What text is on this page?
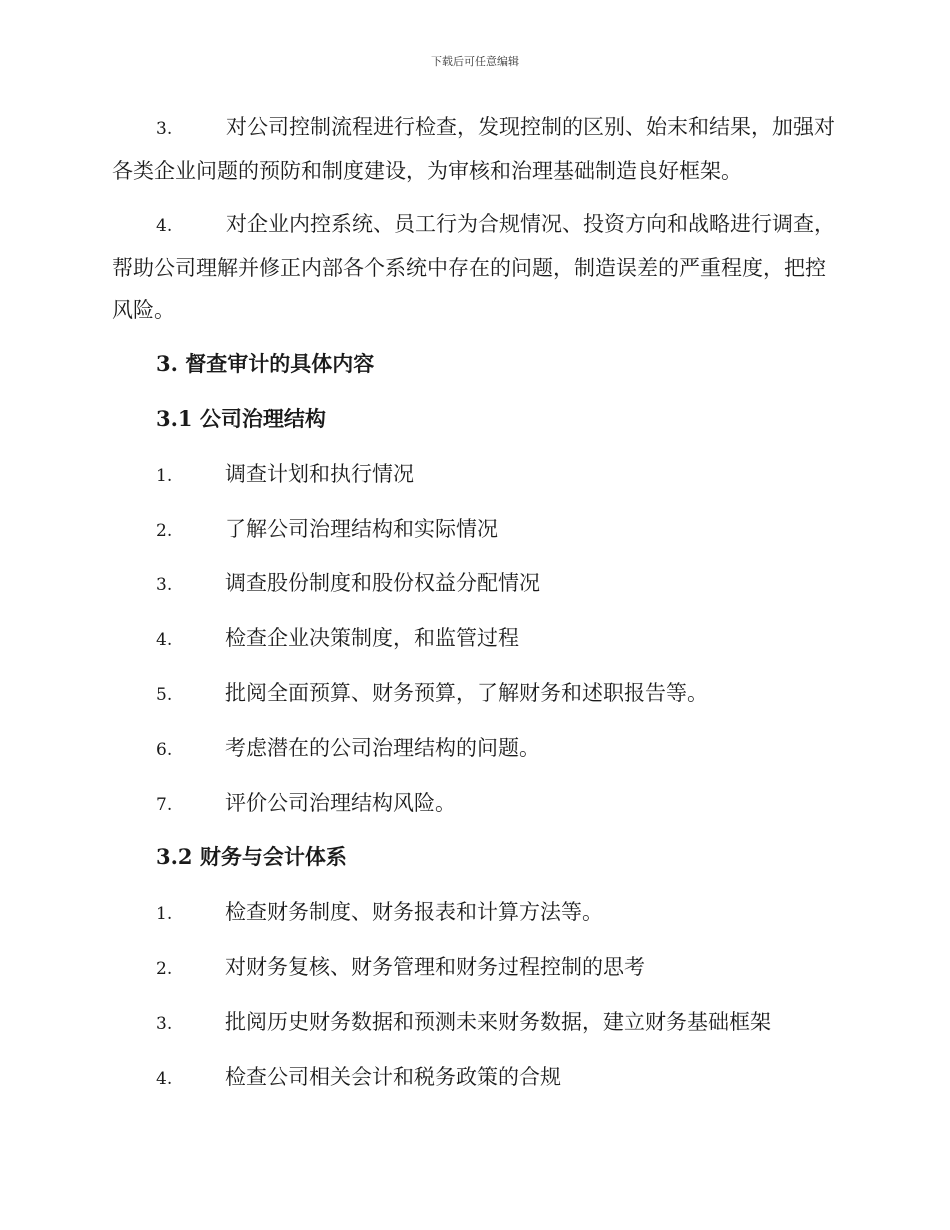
下载后可任意编辑

3.	对公司控制流程进行检查，发现控制的区别、始末和结果，加强对各类企业问题的预防和制度建设，为审核和治理基础制造良好框架。

4.	对企业内控系统、员工行为合规情况、投资方向和战略进行调查，帮助公司理解并修正内部各个系统中存在的问题，制造误差的严重程度，把控风险。

3. 督查审计的具体内容
3.1 公司治理结构

1.	调查计划和执行情况

2.	了解公司治理结构和实际情况

3.	调查股份制度和股份权益分配情况

4.	检查企业决策制度，和监管过程

5.	批阅全面预算、财务预算，了解财务和述职报告等。

6.	考虑潜在的公司治理结构的问题。

7.	评价公司治理结构风险。

3.2 财务与会计体系

1.	检查财务制度、财务报表和计算方法等。

2.	对财务复核、财务管理和财务过程控制的思考

3.	批阅历史财务数据和预测未来财务数据，建立财务基础框架

4.	检查公司相关会计和税务政策的合规
